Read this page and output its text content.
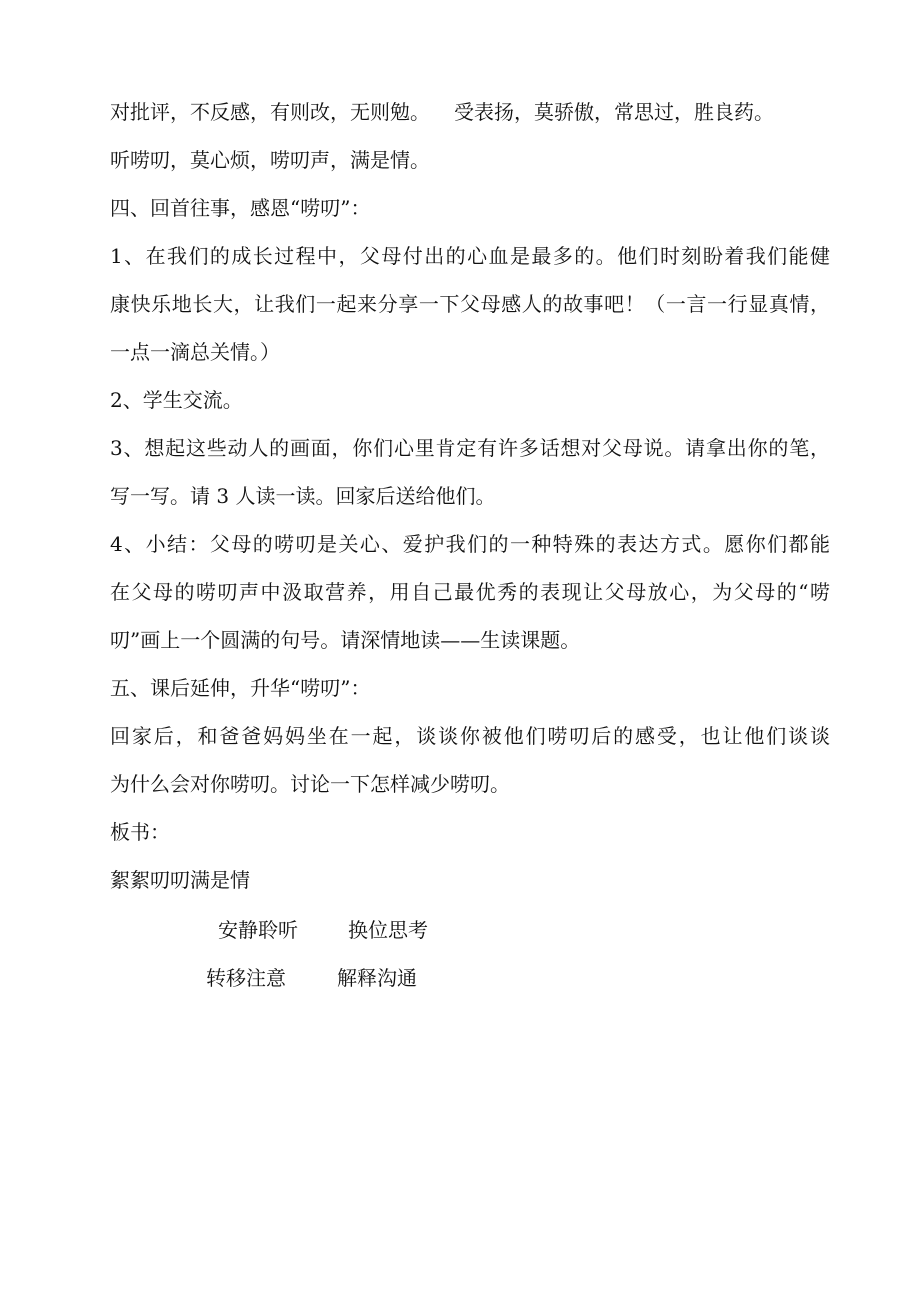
对批评，不反感，有则改，无则勉。 受表扬，莫骄傲，常思过，胜良药。
听唠叨，莫心烦，唠叨声，满是情。
四、回首往事，感恩“唠叨”：
1、在我们的成长过程中，父母付出的心血是最多的。他们时刻盼着我们能健
康快乐地长大，让我们一起来分享一下父母感人的故事吧！（一言一行显真情，
一点一滴总关情。）
2、学生交流。
3、想起这些动人的画面，你们心里肯定有许多话想对父母说。请拿出你的笔，
写一写。请 3 人读一读。回家后送给他们。
4、小结：父母的唠叨是关心、爱护我们的一种特殊的表达方式。愿你们都能
在父母的唠叨声中汲取营养，用自己最优秀的表现让父母放心，为父母的“唠
叨”画上一个圆满的句号。请深情地读——生读课题。
五、课后延伸，升华“唠叨”：
回家后，和爸爸妈妈坐在一起，谈谈你被他们唠叨后的感受，也让他们谈谈
为什么会对你唠叨。讨论一下怎样减少唠叨。
板书：
絮絮叨叨满是情
安静聆听	换位思考
转移注意	解释沟通
